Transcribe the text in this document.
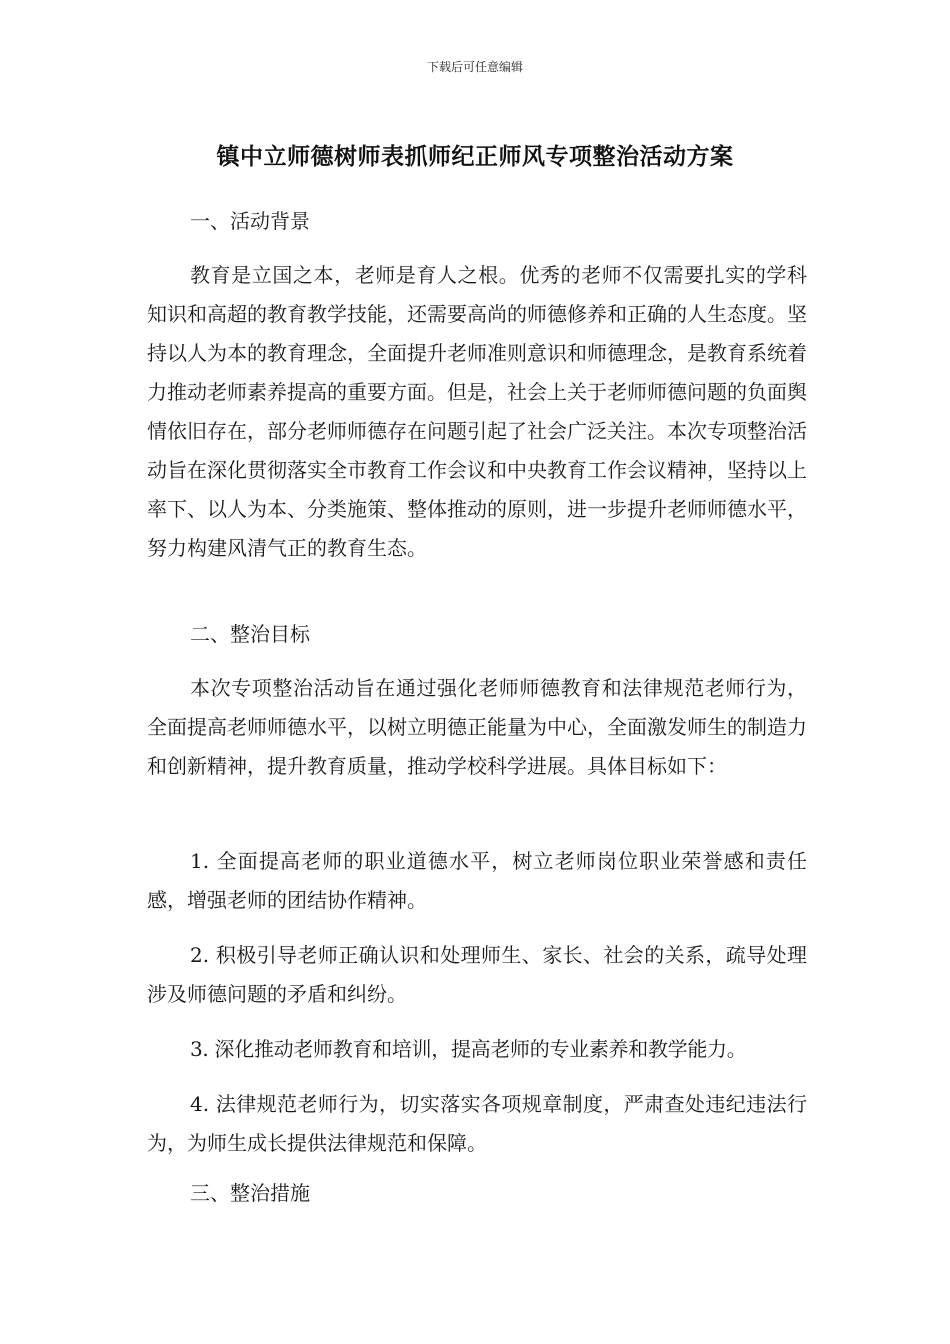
下载后可任意编辑
镇中立师德树师表抓师纪正师风专项整治活动方案
一、活动背景

教育是立国之本，老师是育人之根。优秀的老师不仅需要扎实的学科知识和高超的教育教学技能，还需要高尚的师德修养和正确的人生态度。坚持以人为本的教育理念，全面提升老师准则意识和师德理念，是教育系统着力推动老师素养提高的重要方面。但是，社会上关于老师师德问题的负面舆情依旧存在，部分老师师德存在问题引起了社会广泛关注。本次专项整治活动旨在深化贯彻落实全市教育工作会议和中央教育工作会议精神，坚持以上率下、以人为本、分类施策、整体推动的原则，进一步提升老师师德水平，努力构建风清气正的教育生态。

二、整治目标

本次专项整治活动旨在通过强化老师师德教育和法律规范老师行为，全面提高老师师德水平，以树立明德正能量为中心，全面激发师生的制造力和创新精神，提升教育质量，推动学校科学进展。具体目标如下：

1. 全面提高老师的职业道德水平，树立老师岗位职业荣誉感和责任感，增强老师的团结协作精神。

2. 积极引导老师正确认识和处理师生、家长、社会的关系，疏导处理涉及师德问题的矛盾和纠纷。

3. 深化推动老师教育和培训，提高老师的专业素养和教学能力。

4. 法律规范老师行为，切实落实各项规章制度，严肃查处违纪违法行为，为师生成长提供法律规范和保障。

三、整治措施
